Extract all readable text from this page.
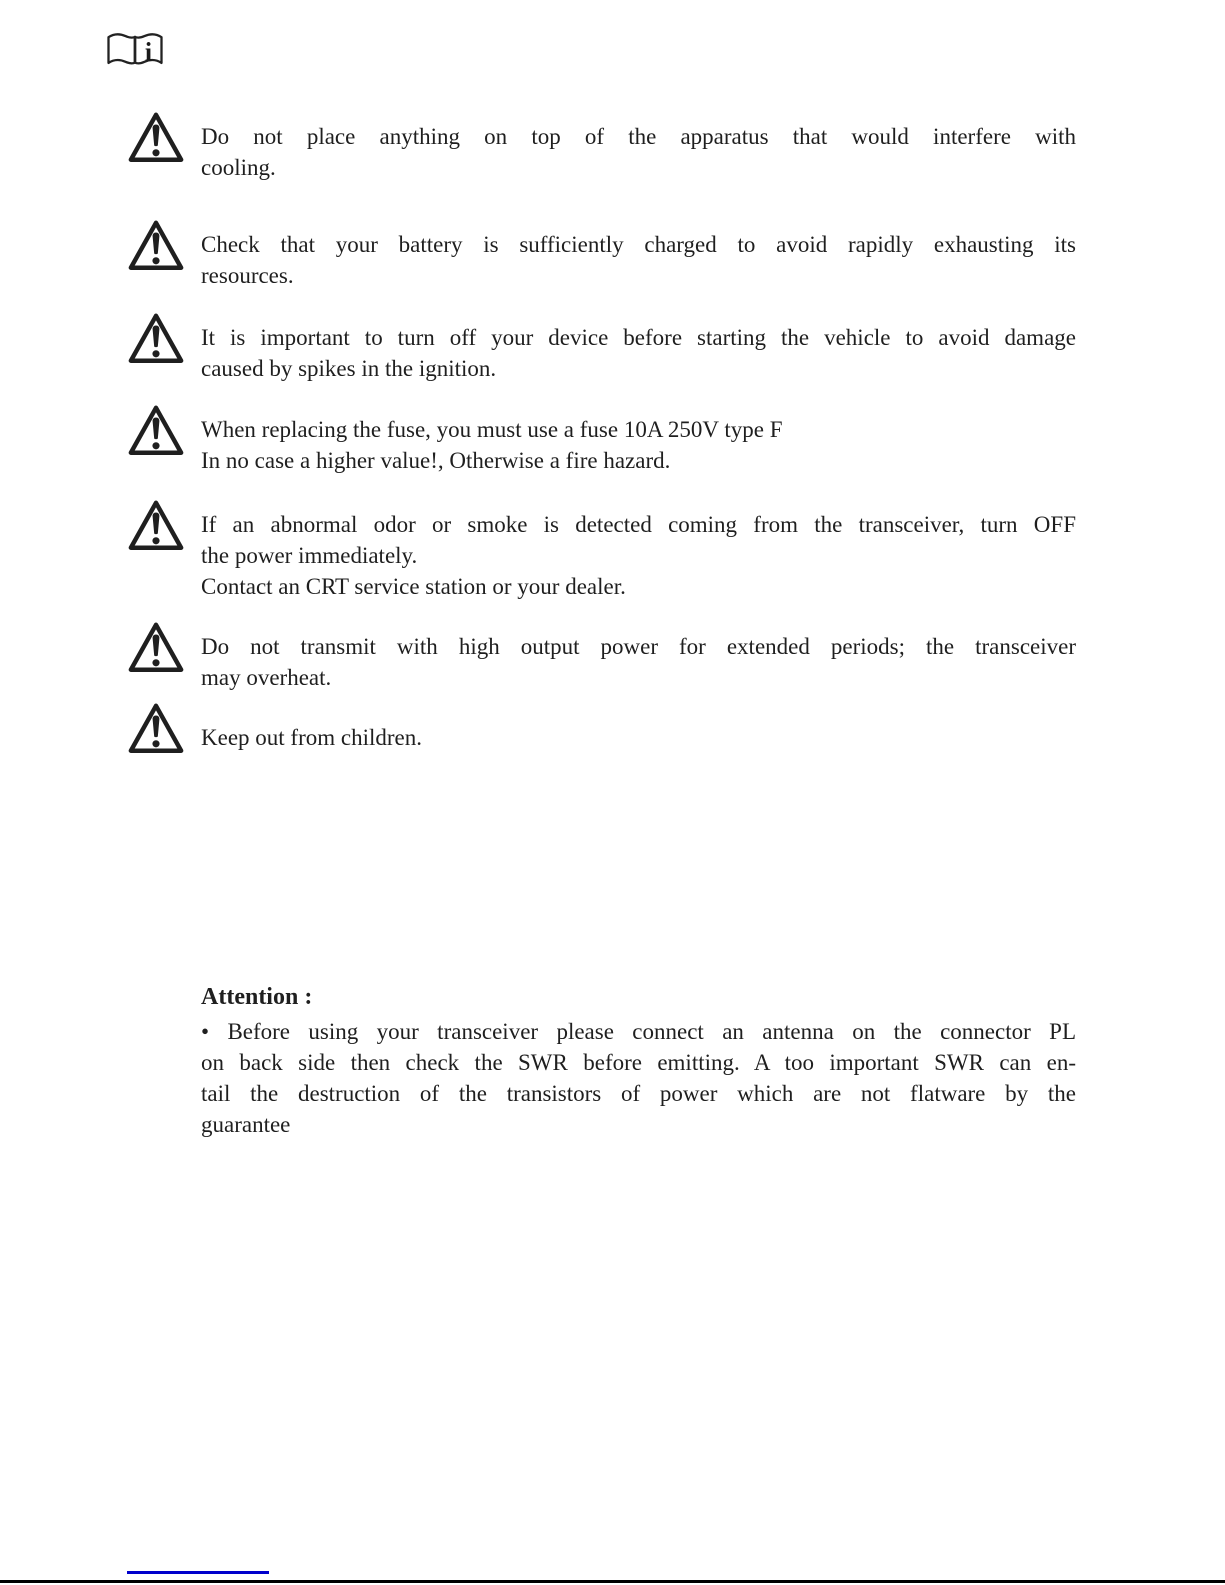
i
Do not place anything on top of the apparatus that would interfere with
cooling.
Check that your battery is sufficiently charged to avoid rapidly exhausting its
resources.
It is important to turn off your device before starting the vehicle to avoid damage
caused by spikes in the ignition.
When replacing the fuse, you must use a fuse 10A 250V type F
In no case a higher value!, Otherwise a fire hazard.
If an abnormal odor or smoke is detected coming from the transceiver, turn OFF
the power immediately.
Contact an CRT service station or your dealer.
Do not transmit with high output power for extended periods; the transceiver
may overheat.
Keep out from children.
Attention :
• Before using your transceiver please connect an antenna on the connector PL
on back side then check the SWR before emitting. A too important SWR can en-
tail the destruction of the transistors of power which are not flatware by the
guarantee
